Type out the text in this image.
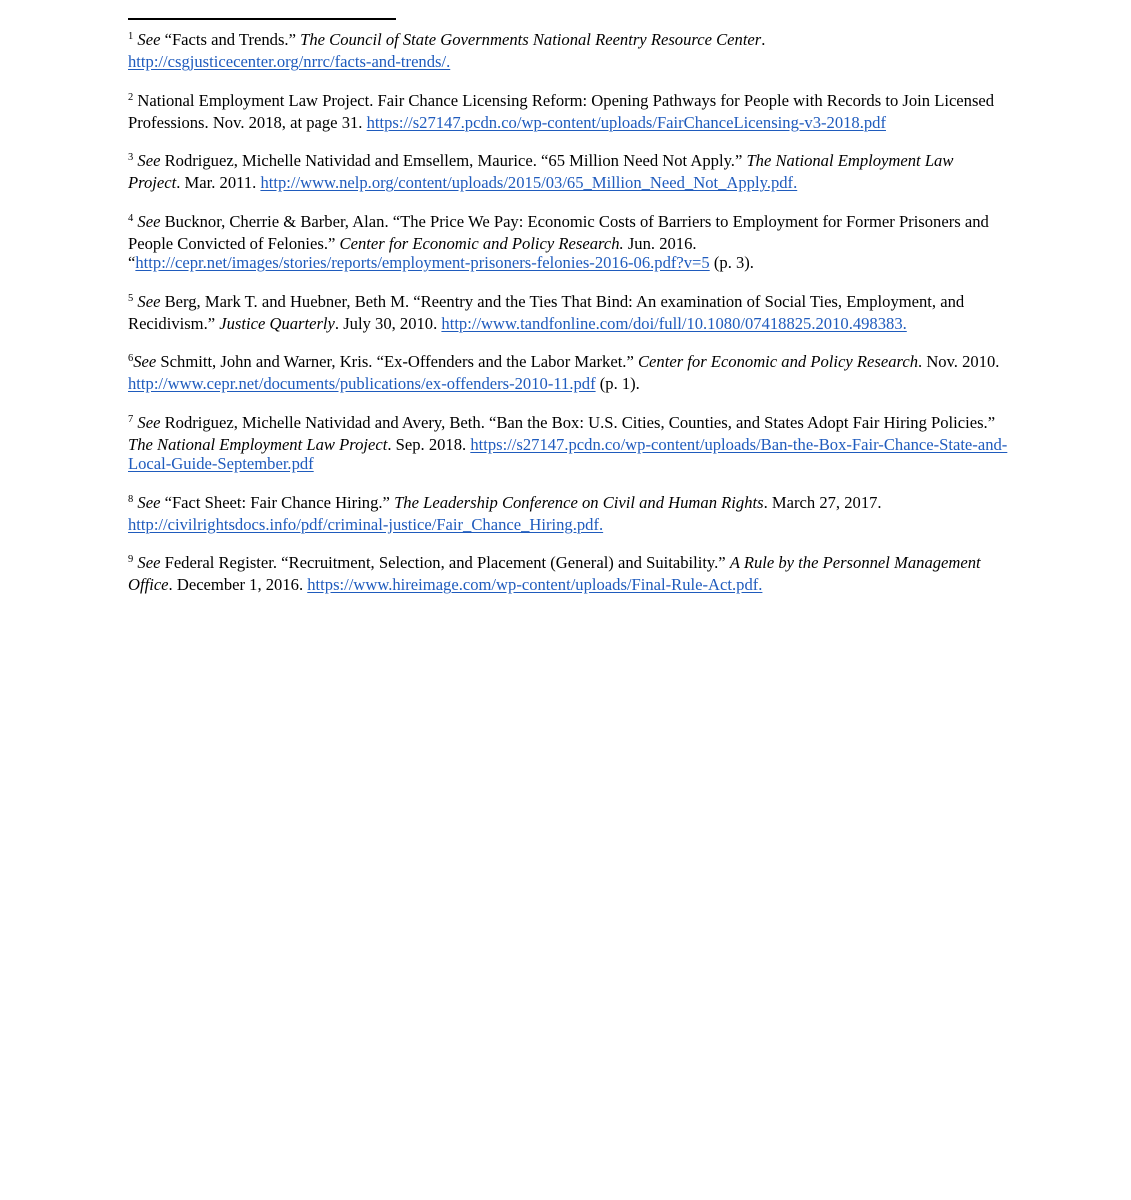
$^1$ See “Facts and Trends.” The Council of State Governments National Reentry Resource Center.
http://csgjusticecenter.org/nrrc/facts-and-trends/.

$^2$ National Employment Law Project. Fair Chance Licensing Reform: Opening Pathways for People with Records to Join Licensed Professions. Nov. 2018, at page 31. https://s27147.pcdn.co/wp-content/uploads/FairChanceLicensing-v3-2018.pdf

$^3$ See Rodriguez, Michelle Natividad and Emsellem, Maurice. “65 Million Need Not Apply.” The National Employment Law Project. Mar. 2011. http://www.nelp.org/content/uploads/2015/03/65_Million_Need_Not_Apply.pdf.

$^4$ See Bucknor, Cherrie & Barber, Alan. “The Price We Pay: Economic Costs of Barriers to Employment for Former Prisoners and People Convicted of Felonies.” Center for Economic and Policy Research. Jun. 2016. “http://cepr.net/images/stories/reports/employment-prisoners-felonies-2016-06.pdf?v=5 (p. 3).

$^5$ See Berg, Mark T. and Huebner, Beth M. “Reentry and the Ties That Bind: An examination of Social Ties, Employment, and Recidivism.” Justice Quarterly. July 30, 2010. http://www.tandfonline.com/doi/full/10.1080/07418825.2010.498383.

$^6$See Schmitt, John and Warner, Kris. “Ex-Offenders and the Labor Market.” Center for Economic and Policy Research. Nov. 2010. http://www.cepr.net/documents/publications/ex-offenders-2010-11.pdf (p. 1).

$^7$ See Rodriguez, Michelle Natividad and Avery, Beth. “Ban the Box: U.S. Cities, Counties, and States Adopt Fair Hiring Policies.” The National Employment Law Project. Sep. 2018. https://s27147.pcdn.co/wp-content/uploads/Ban-the-Box-Fair-Chance-State-and-Local-Guide-September.pdf

$^8$ See “Fact Sheet: Fair Chance Hiring.” The Leadership Conference on Civil and Human Rights. March 27, 2017.
http://civilrightsdocs.info/pdf/criminal-justice/Fair_Chance_Hiring.pdf.

$^9$ See Federal Register. “Recruitment, Selection, and Placement (General) and Suitability.” A Rule by the Personnel Management Office. December 1, 2016. https://www.hireimage.com/wp-content/uploads/Final-Rule-Act.pdf.
